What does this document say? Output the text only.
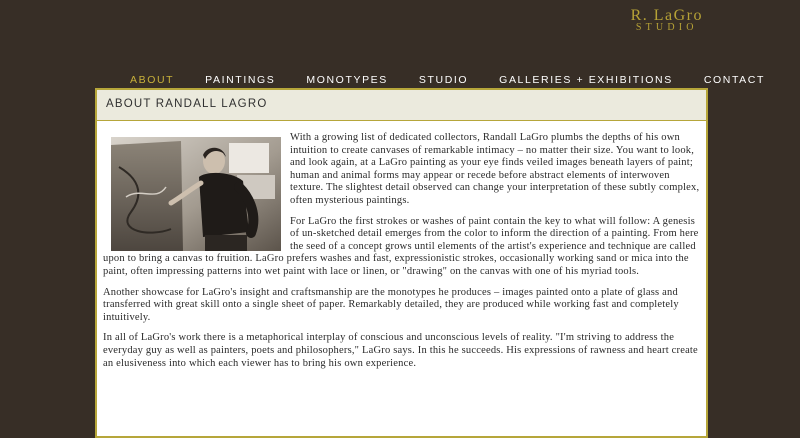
R. LaGro
STUDIO
ABOUT	PAINTINGS	MONOTYPES	STUDIO	GALLERIES + EXHIBITIONS	CONTACT
ABOUT RANDALL LAGRO

With a growing list of dedicated collectors, Randall LaGro plumbs the depths of his own intuition to create canvases of remarkable intimacy – no matter their size. You want to look, and look again, at a LaGro painting as your eye finds veiled images beneath layers of paint; human and animal forms may appear or recede before abstract elements of interwoven texture. The slightest detail observed can change your interpretation of these subtly complex, often mysterious paintings.

For LaGro the first strokes or washes of paint contain the key to what will follow: A genesis of un-sketched detail emerges from the color to inform the direction of a painting. From here the seed of a concept grows until elements of the artist's experience and technique are called upon to bring a canvas to fruition. LaGro prefers washes and fast, expressionistic strokes, occasionally working sand or mica into the paint, often impressing patterns into wet paint with lace or linen, or "drawing" on the canvas with one of his myriad tools.

Another showcase for LaGro's insight and craftsmanship are the monotypes he produces – images painted onto a plate of glass and transferred with great skill onto a single sheet of paper. Remarkably detailed, they are produced while working fast and completely intuitively.

In all of LaGro's work there is a metaphorical interplay of conscious and unconscious levels of reality. "I'm striving to address the everyday guy as well as painters, poets and philosophers," LaGro says. In this he succeeds. His expressions of rawness and heart create an elusiveness into which each viewer has to bring his own experience.
